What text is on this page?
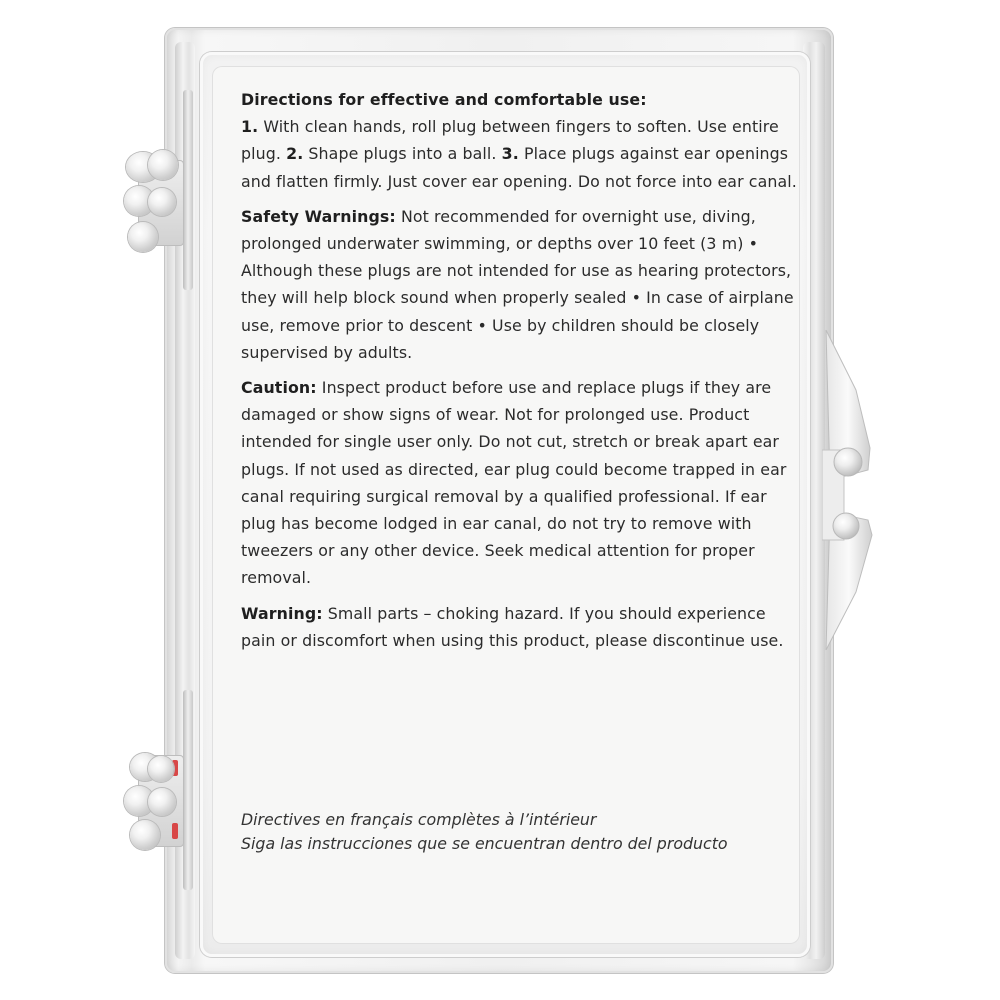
Directions for effective and comfortable use:
1. With clean hands, roll plug between fingers to soften. Use entire plug. 2. Shape plugs into a ball. 3. Place plugs against ear openings and flatten firmly. Just cover ear opening. Do not force into ear canal.

Safety Warnings: Not recommended for overnight use, diving, prolonged underwater swimming, or depths over 10 feet (3 m) • Although these plugs are not intended for use as hearing protectors, they will help block sound when properly sealed • In case of airplane use, remove prior to descent • Use by children should be closely supervised by adults.

Caution: Inspect product before use and replace plugs if they are damaged or show signs of wear. Not for prolonged use. Product intended for single user only. Do not cut, stretch or break apart ear plugs. If not used as directed, ear plug could become trapped in ear canal requiring surgical removal by a qualified professional. If ear plug has become lodged in ear canal, do not try to remove with tweezers or any other device. Seek medical attention for proper removal.

Warning: Small parts – choking hazard. If you should experience pain or discomfort when using this product, please discontinue use.

Directives en français complètes à l’intérieur
Siga las instrucciones que se encuentran dentro del producto
